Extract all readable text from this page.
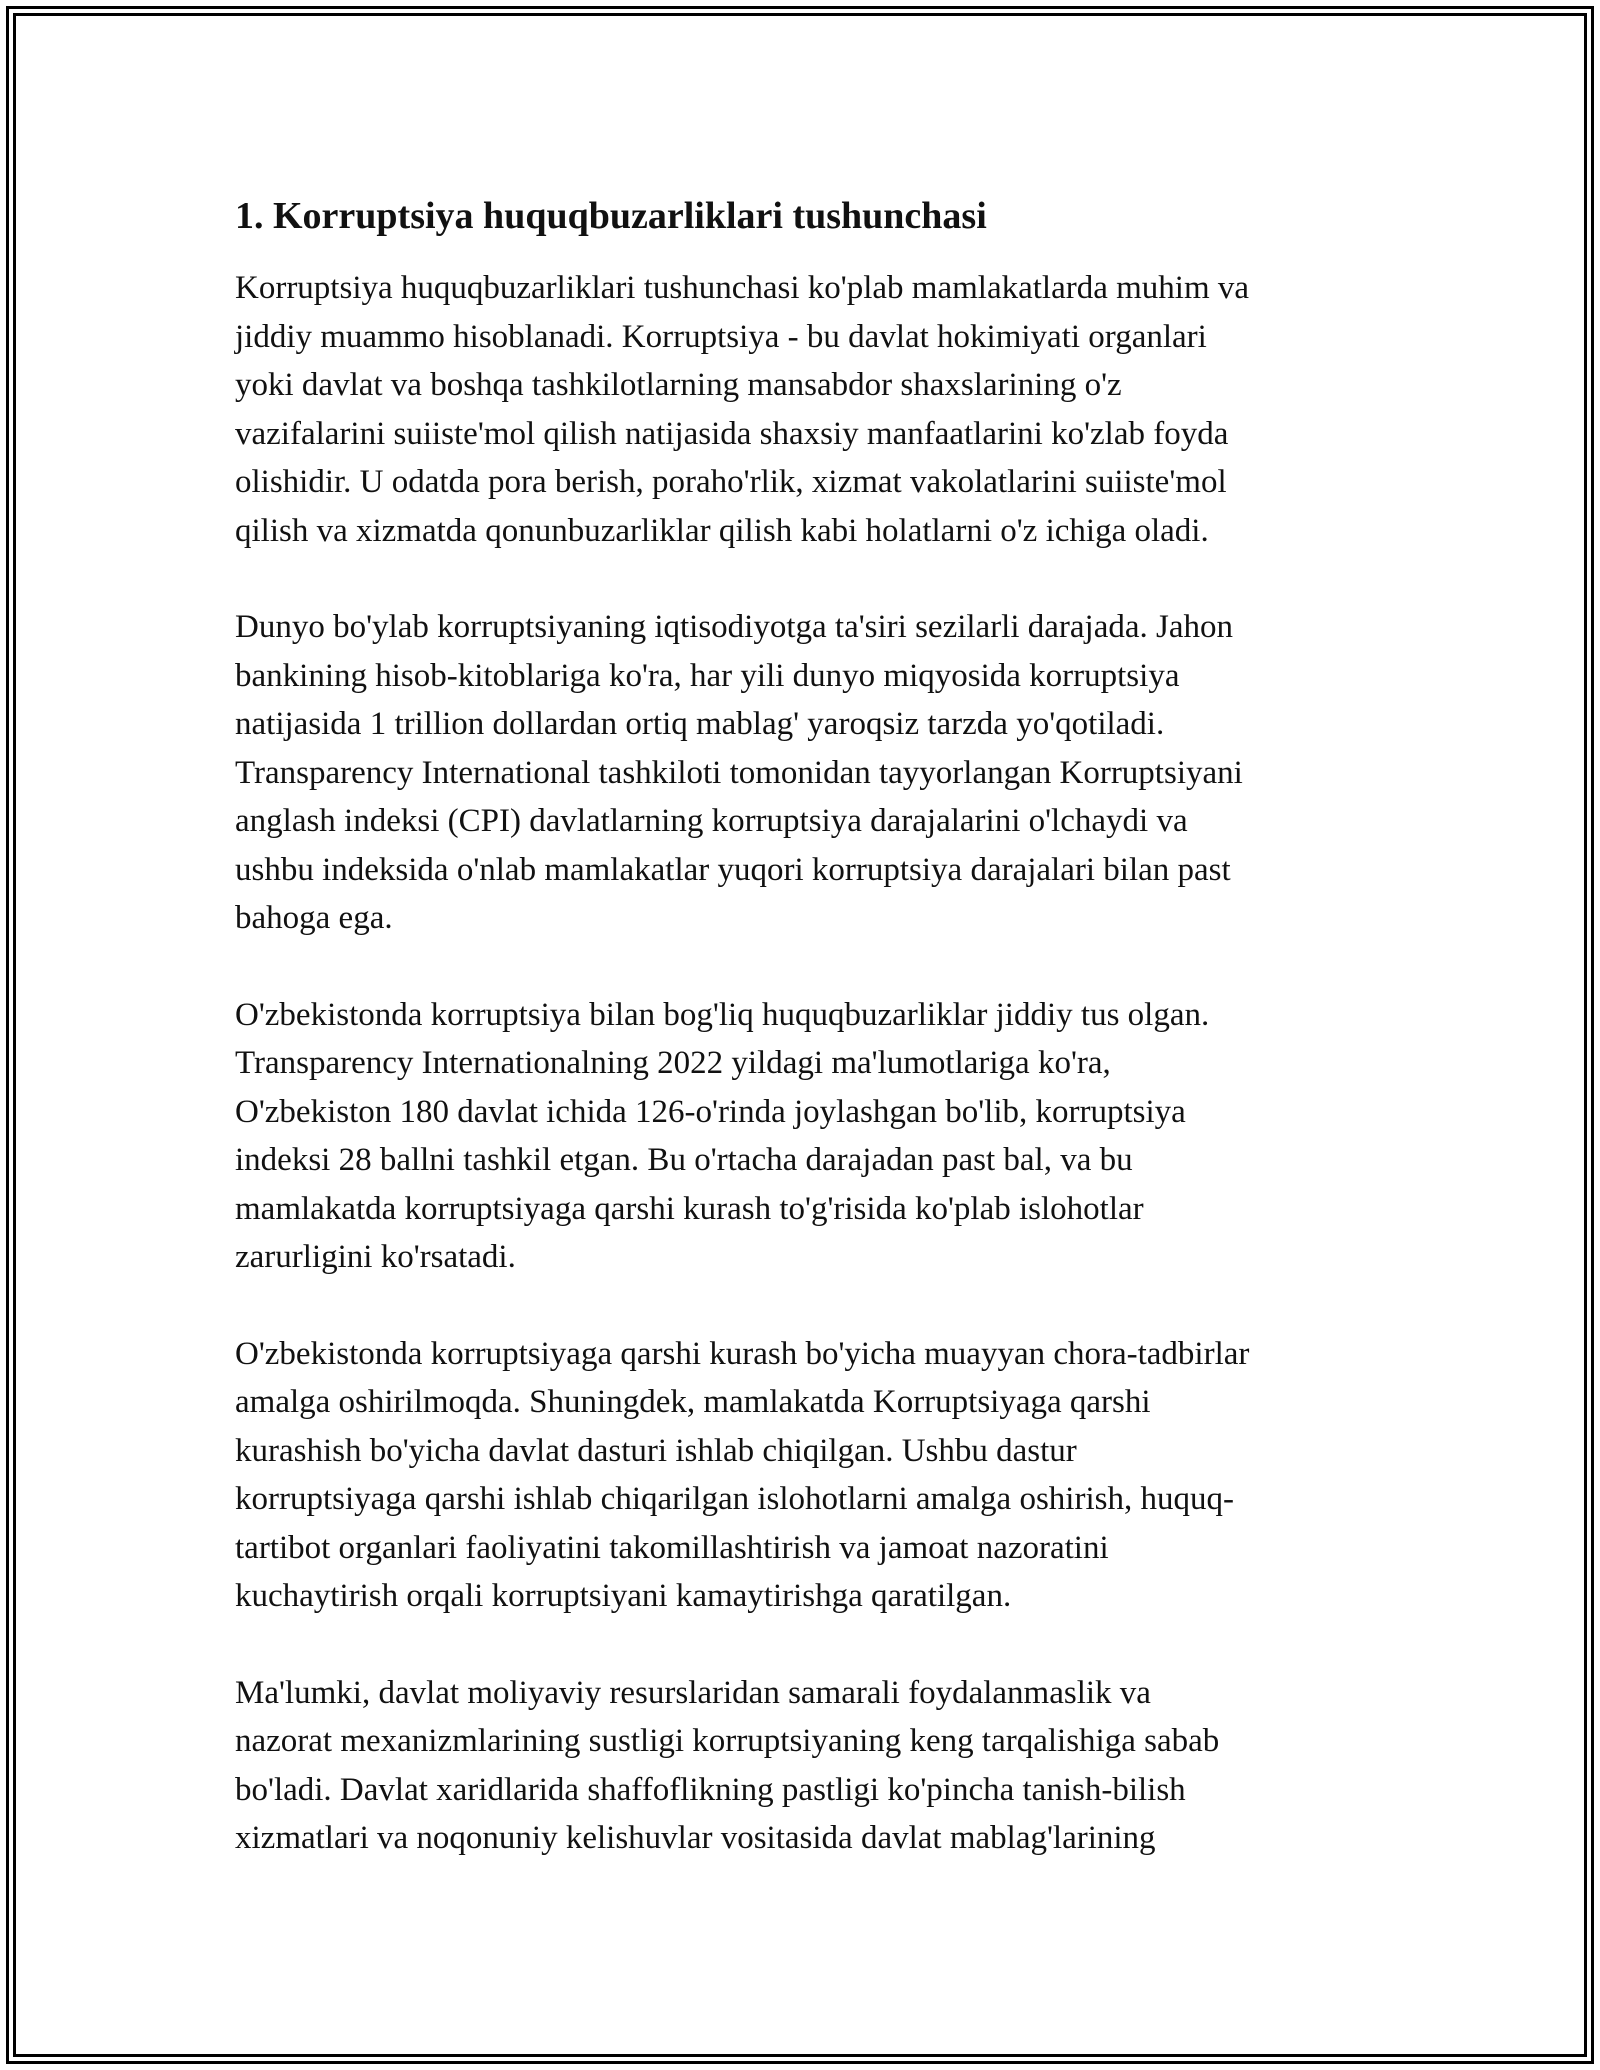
1. Korruptsiya huquqbuzarliklari tushunchasi

Korruptsiya huquqbuzarliklari tushunchasi ko'plab mamlakatlarda muhim va
jiddiy muammo hisoblanadi. Korruptsiya - bu davlat hokimiyati organlari
yoki davlat va boshqa tashkilotlarning mansabdor shaxslarining o'z
vazifalarini suiiste'mol qilish natijasida shaxsiy manfaatlarini ko'zlab foyda
olishidir. U odatda pora berish, poraho'rlik, xizmat vakolatlarini suiiste'mol
qilish va xizmatda qonunbuzarliklar qilish kabi holatlarni o'z ichiga oladi.

Dunyo bo'ylab korruptsiyaning iqtisodiyotga ta'siri sezilarli darajada. Jahon
bankining hisob-kitoblariga ko'ra, har yili dunyo miqyosida korruptsiya
natijasida 1 trillion dollardan ortiq mablag' yaroqsiz tarzda yo'qotiladi.
Transparency International tashkiloti tomonidan tayyorlangan Korruptsiyani
anglash indeksi (CPI) davlatlarning korruptsiya darajalarini o'lchaydi va
ushbu indeksida o'nlab mamlakatlar yuqori korruptsiya darajalari bilan past
bahoga ega.

O'zbekistonda korruptsiya bilan bog'liq huquqbuzarliklar jiddiy tus olgan.
Transparency Internationalning 2022 yildagi ma'lumotlariga ko'ra,
O'zbekiston 180 davlat ichida 126-o'rinda joylashgan bo'lib, korruptsiya
indeksi 28 ballni tashkil etgan. Bu o'rtacha darajadan past bal, va bu
mamlakatda korruptsiyaga qarshi kurash to'g'risida ko'plab islohotlar
zarurligini ko'rsatadi.

O'zbekistonda korruptsiyaga qarshi kurash bo'yicha muayyan chora-tadbirlar
amalga oshirilmoqda. Shuningdek, mamlakatda Korruptsiyaga qarshi
kurashish bo'yicha davlat dasturi ishlab chiqilgan. Ushbu dastur
korruptsiyaga qarshi ishlab chiqarilgan islohotlarni amalga oshirish, huquq-
tartibot organlari faoliyatini takomillashtirish va jamoat nazoratini
kuchaytirish orqali korruptsiyani kamaytirishga qaratilgan.

Ma'lumki, davlat moliyaviy resurslaridan samarali foydalanmaslik va
nazorat mexanizmlarining sustligi korruptsiyaning keng tarqalishiga sabab
bo'ladi. Davlat xaridlarida shaffoflikning pastligi ko'pincha tanish-bilish
xizmatlari va noqonuniy kelishuvlar vositasida davlat mablag'larining
